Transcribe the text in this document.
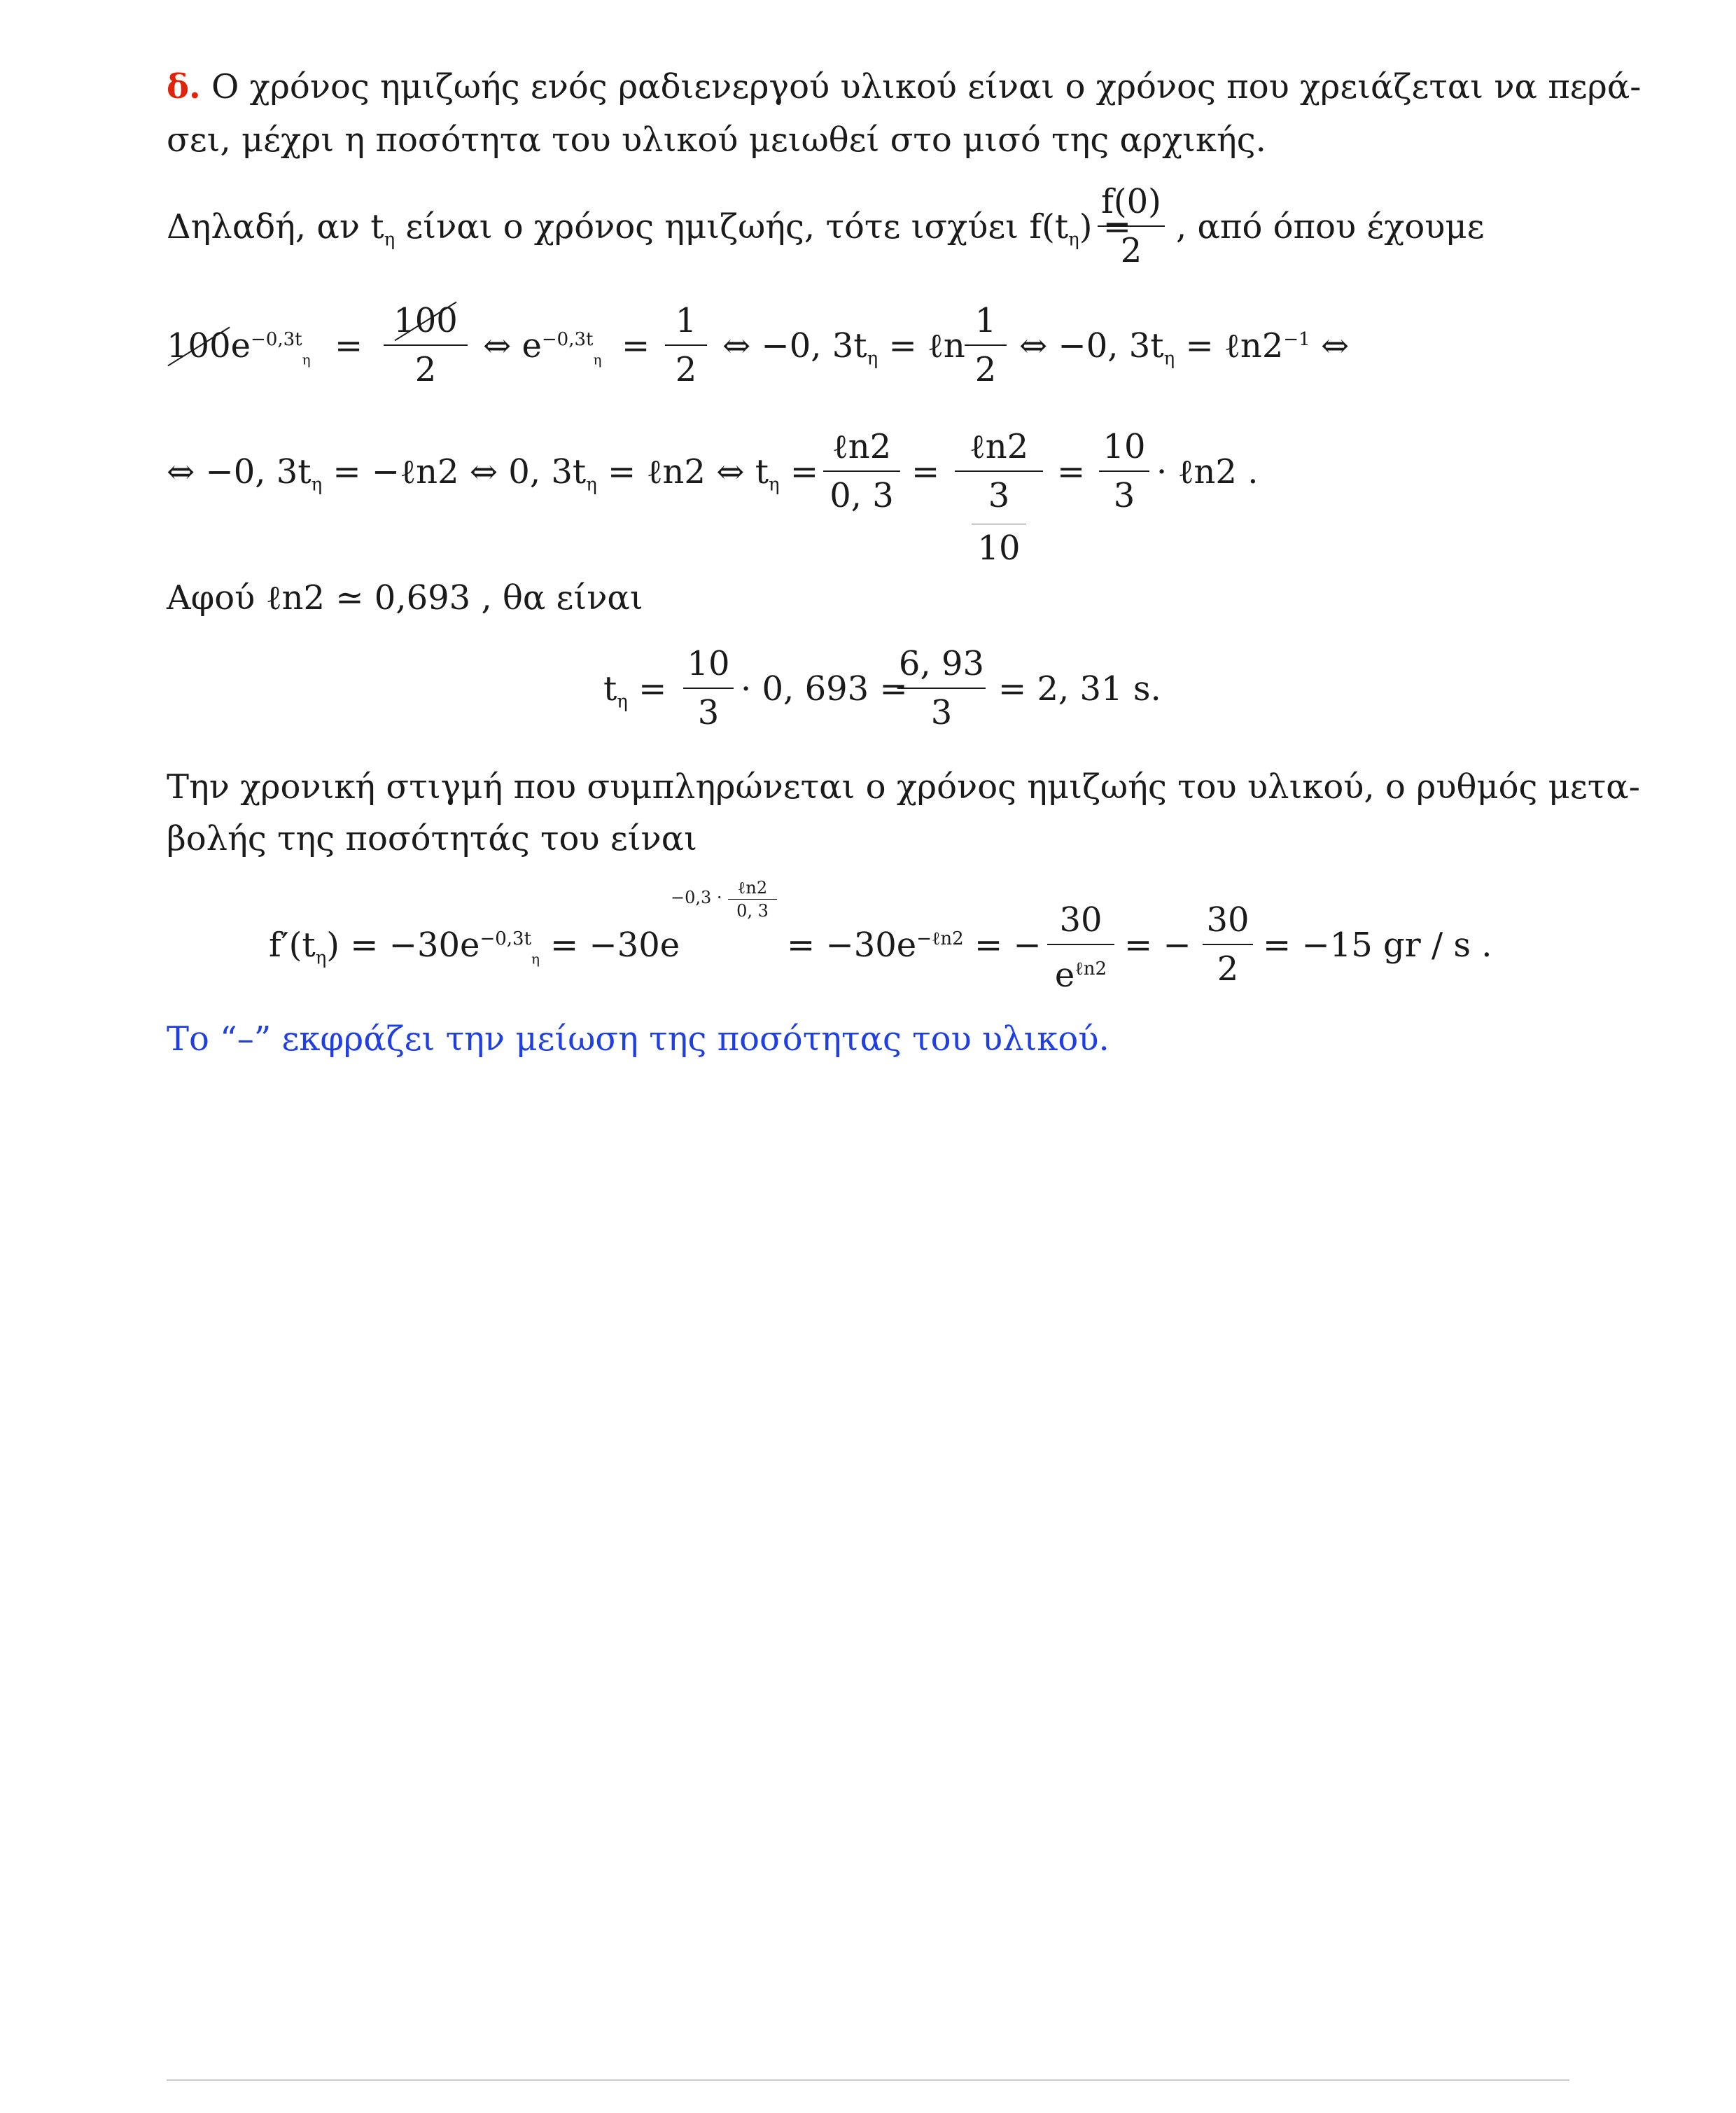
δ. Ο χρόνος ημιζωής ενός ραδιενεργού υλικού είναι ο χρόνος που χρειάζεται να περά-
σει, μέχρι η ποσότητα του υλικού μειωθεί στο μισό της αρχικής.
Δηλαδή, αν $t_\eta$ είναι ο χρόνος ημιζωής, τότε ισχύει $f(t_\eta)$ =
f(0)
2
, από όπου έχουμε
$100e^{-0,3t}_\eta$ =
100
2
⇔ $e^{-0,3t}_\eta$ =
1
2
⇔ −0, $3t_\eta$ = ℓn
1
2
⇔ −0, $3t_\eta$ = $\ell n2^{-1}$ ⇔
⇔ −0, $3t_\eta$ = −ℓn2 ⇔ 0, $3t_\eta$ = ℓn2 ⇔ $t_\eta$ =
ℓn2
0, 3
=
ℓn2
3
10
=
10
3
· ℓn2 .
Αφού ℓn2 ≃ 0,693 , θα είναι
$t_\eta$ =
10
3
· 0, 693 =
6, 93
3
= 2, 31 s.
Την χρονική στιγμή που συμπληρώνεται ο χρόνος ημιζωής του υλικού, ο ρυθμός μετα-
βολής της ποσότητάς του είναι
$f'(t_\eta) = -30e^{-0,3t}_\eta = -30e$
−0,3 · ℓn2
0, 3
= $-30e^{-\ell n2}$ = −
30
$e^{\ell n2}$
= −
30
2
= −15 gr / s .
Το “–” εκφράζει την μείωση της ποσότητας του υλικού.
